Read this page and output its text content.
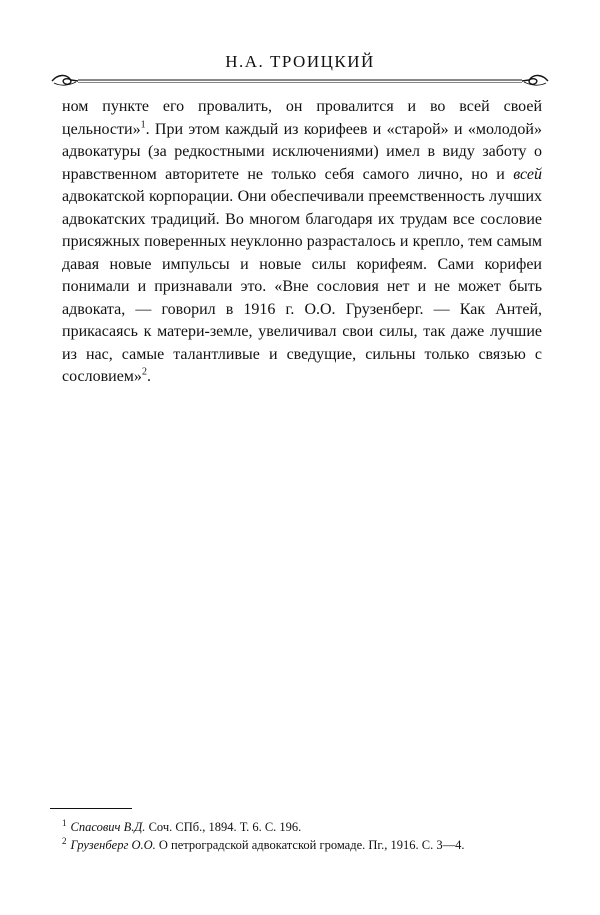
Н.А. ТРОИЦКИЙ

ном пункте его провалить, он провалится и во всей своей цельности»$^1$. При этом каждый из корифеев и «старой» и «молодой» адвокатуры (за редкостными исключениями) имел в виду заботу о нравственном авторитете не только себя самого лично, но и всей адвокатской корпорации. Они обеспечивали преемственность лучших адвокатских традиций. Во многом благодаря их трудам все сословие присяжных поверенных неуклонно разрасталось и крепло, тем самым давая новые импульсы и новые силы корифеям. Сами корифеи понимали и признавали это. «Вне сословия нет и не может быть адвоката, — говорил в 1916 г. О.О. Грузенберг. — Как Антей, прикасаясь к матери-земле, увеличивал свои силы, так даже лучшие из нас, самые талантливые и сведущие, сильны только связью с сословием»$^2$.

$^1$ Спасович В.Д. Соч. СПб., 1894. Т. 6. С. 196.

$^2$ Грузенберг О.О. О петроградской адвокатской громаде. Пг., 1916. С. 3—4.
